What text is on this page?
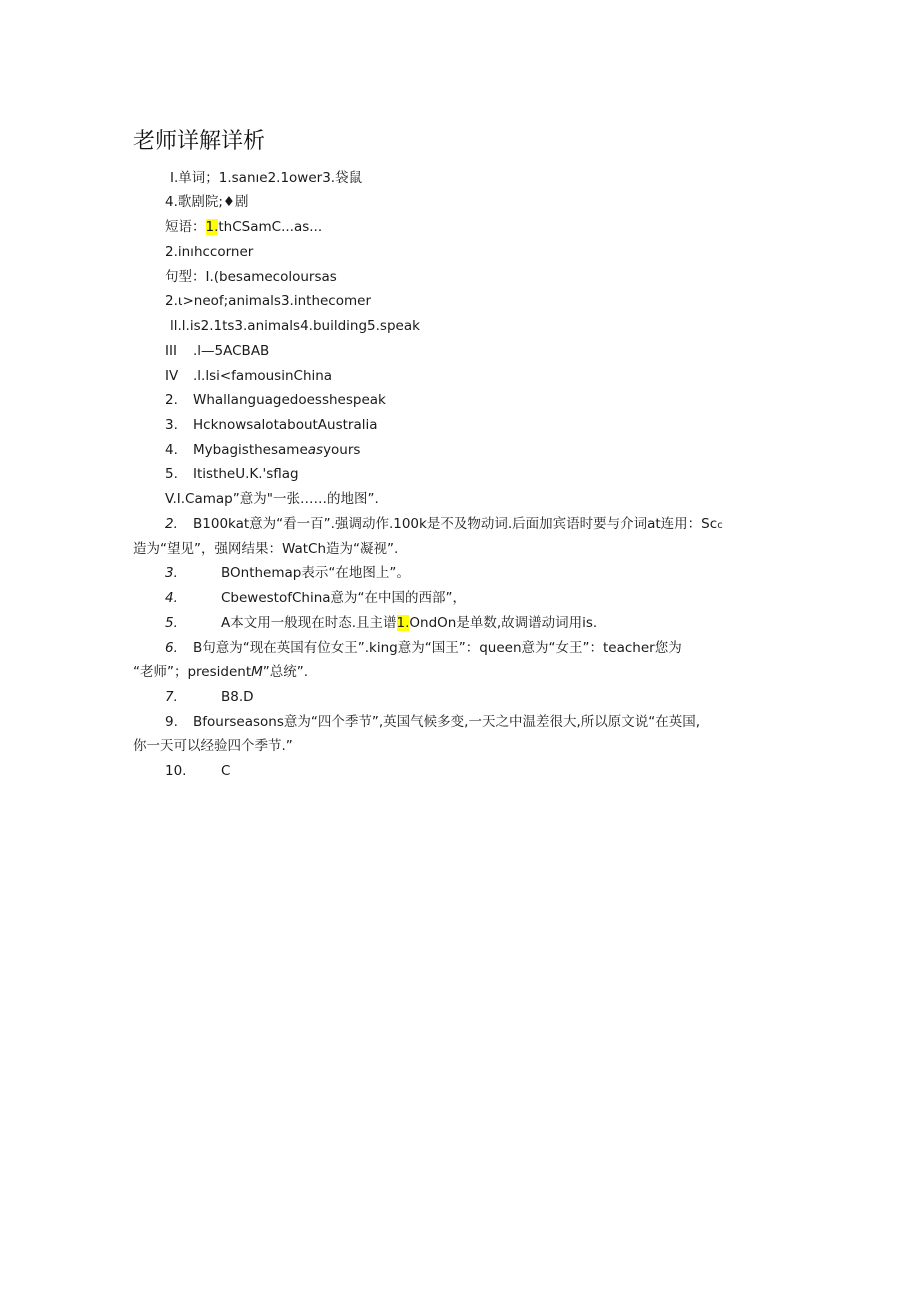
老师详解详析
I.单词；1.sanıe2.1ower3.袋鼠
4.歌剧院;♦剧
短语：1.thCSamC...as...
2.inıhccorner
句型：I.(besamecoloursas
2.ι>neof;animals3.inthecomer
ll.l.is2.1ts3.animals4.building5.speak
III .l—5ACBAB
IV .l.lsi<famousinChina
2. Whallanguagedoesshespeak
3. HcknowsalotaboutAustralia
4. Mybagisthesameasyours
5. ItistheU.K.'sflag
V.I.Camap”意为"一张……的地图”.
2. B100kat意为“看一百”.强调动作.100k是不及物动词.后面加宾语时要与介词at连用：Scc
造为“望见”，强网结果：WatCh造为“凝视”.
3.	BOnthemap表示“在地图上”。
4.	CbewestofChina意为“在中国的西部”，
5.	A本文用一般现在时态.且主谱1.OndOn是单数,故调谱动词用is.
6. B句意为“现在英国有位女王”.king意为“国王”：queen意为“女王”：teacher您为
“老师”；presidentM”总统”.
7.	B8.D
9. Bfourseasons意为“四个季节”,英国气候多变,一天之中温差很大,所以原文说“在英国,
你一天可以经验四个季节.”
10.	C
